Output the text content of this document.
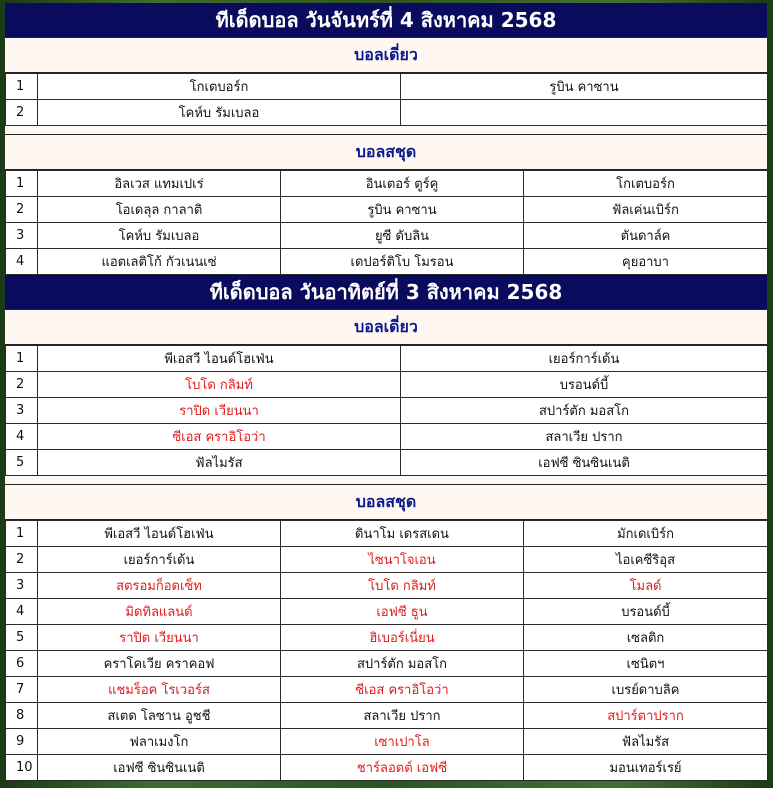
ทีเด็ดบอล วันจันทร์ที่ 4 สิงหาคม 2568
บอลเดี่ยว
1	โกเตบอร์ก	รูบิน คาซาน
2	โคห์บ รัมเบลอ	
บอลสชุด
1	อิลเวส แทมเปเร่	อินเตอร์ ตูร์คู	โกเตบอร์ก
2	โอเดลุล กาลาติ	รูบิน คาซาน	ฟัลเค่นเบิร์ก
3	โคห์บ รัมเบลอ	ยูซี ดับลิน	ตันดาล์ค
4	แอตเลติโก้ กัวเนนเซ่	เดปอร์ติโบ โมรอน	คุยอาบา
ทีเด็ดบอล วันอาทิตย์ที่ 3 สิงหาคม 2568
บอลเดี่ยว
1	พีเอสวี ไอนด์โฮเฟ่น	เยอร์การ์เด้น
2	โบโด กลิมท์	บรอนด์บี้
3	ราปิด เวียนนา	สปาร์ตัก มอสโก
4	ซีเอส คราอิโอว่า	สลาเวีย ปราก
5	ฟัลไมรัส	เอฟซี ซินซินเนติ
บอลสชุด
1	พีเอสวี ไอนด์โฮเฟ่น	ดินาโม เดรสเดน	มักเดเบิร์ก
2	เยอร์การ์เด้น	ไซนาโจเอน	ไอเคซีริอุส
3	สตรอมก็อดเซ็ท	โบโด กลิมท์	โมลด์
4	มิดทิลแลนด์	เอฟซี ธูน	บรอนด์บี้
5	ราปิด เวียนนา	ฮิเบอร์เนี่ยน	เซลติก
6	คราโคเวีย คราคอฟ	สปาร์ตัก มอสโก	เซนิตฯ
7	แชมร็อค โรเวอร์ส	ซีเอส คราอิโอว่า	เบรย์ดาบลิค
8	สเตด โลซาน อูชชี	สลาเวีย ปราก	สปาร์ตาปราก
9	ฟลาเมงโก	เซาเปาโล	ฟัลไมรัส
10	เอฟซี ซินซินเนติ	ชาร์ลอตต์ เอฟซี	มอนเทอร์เรย์
